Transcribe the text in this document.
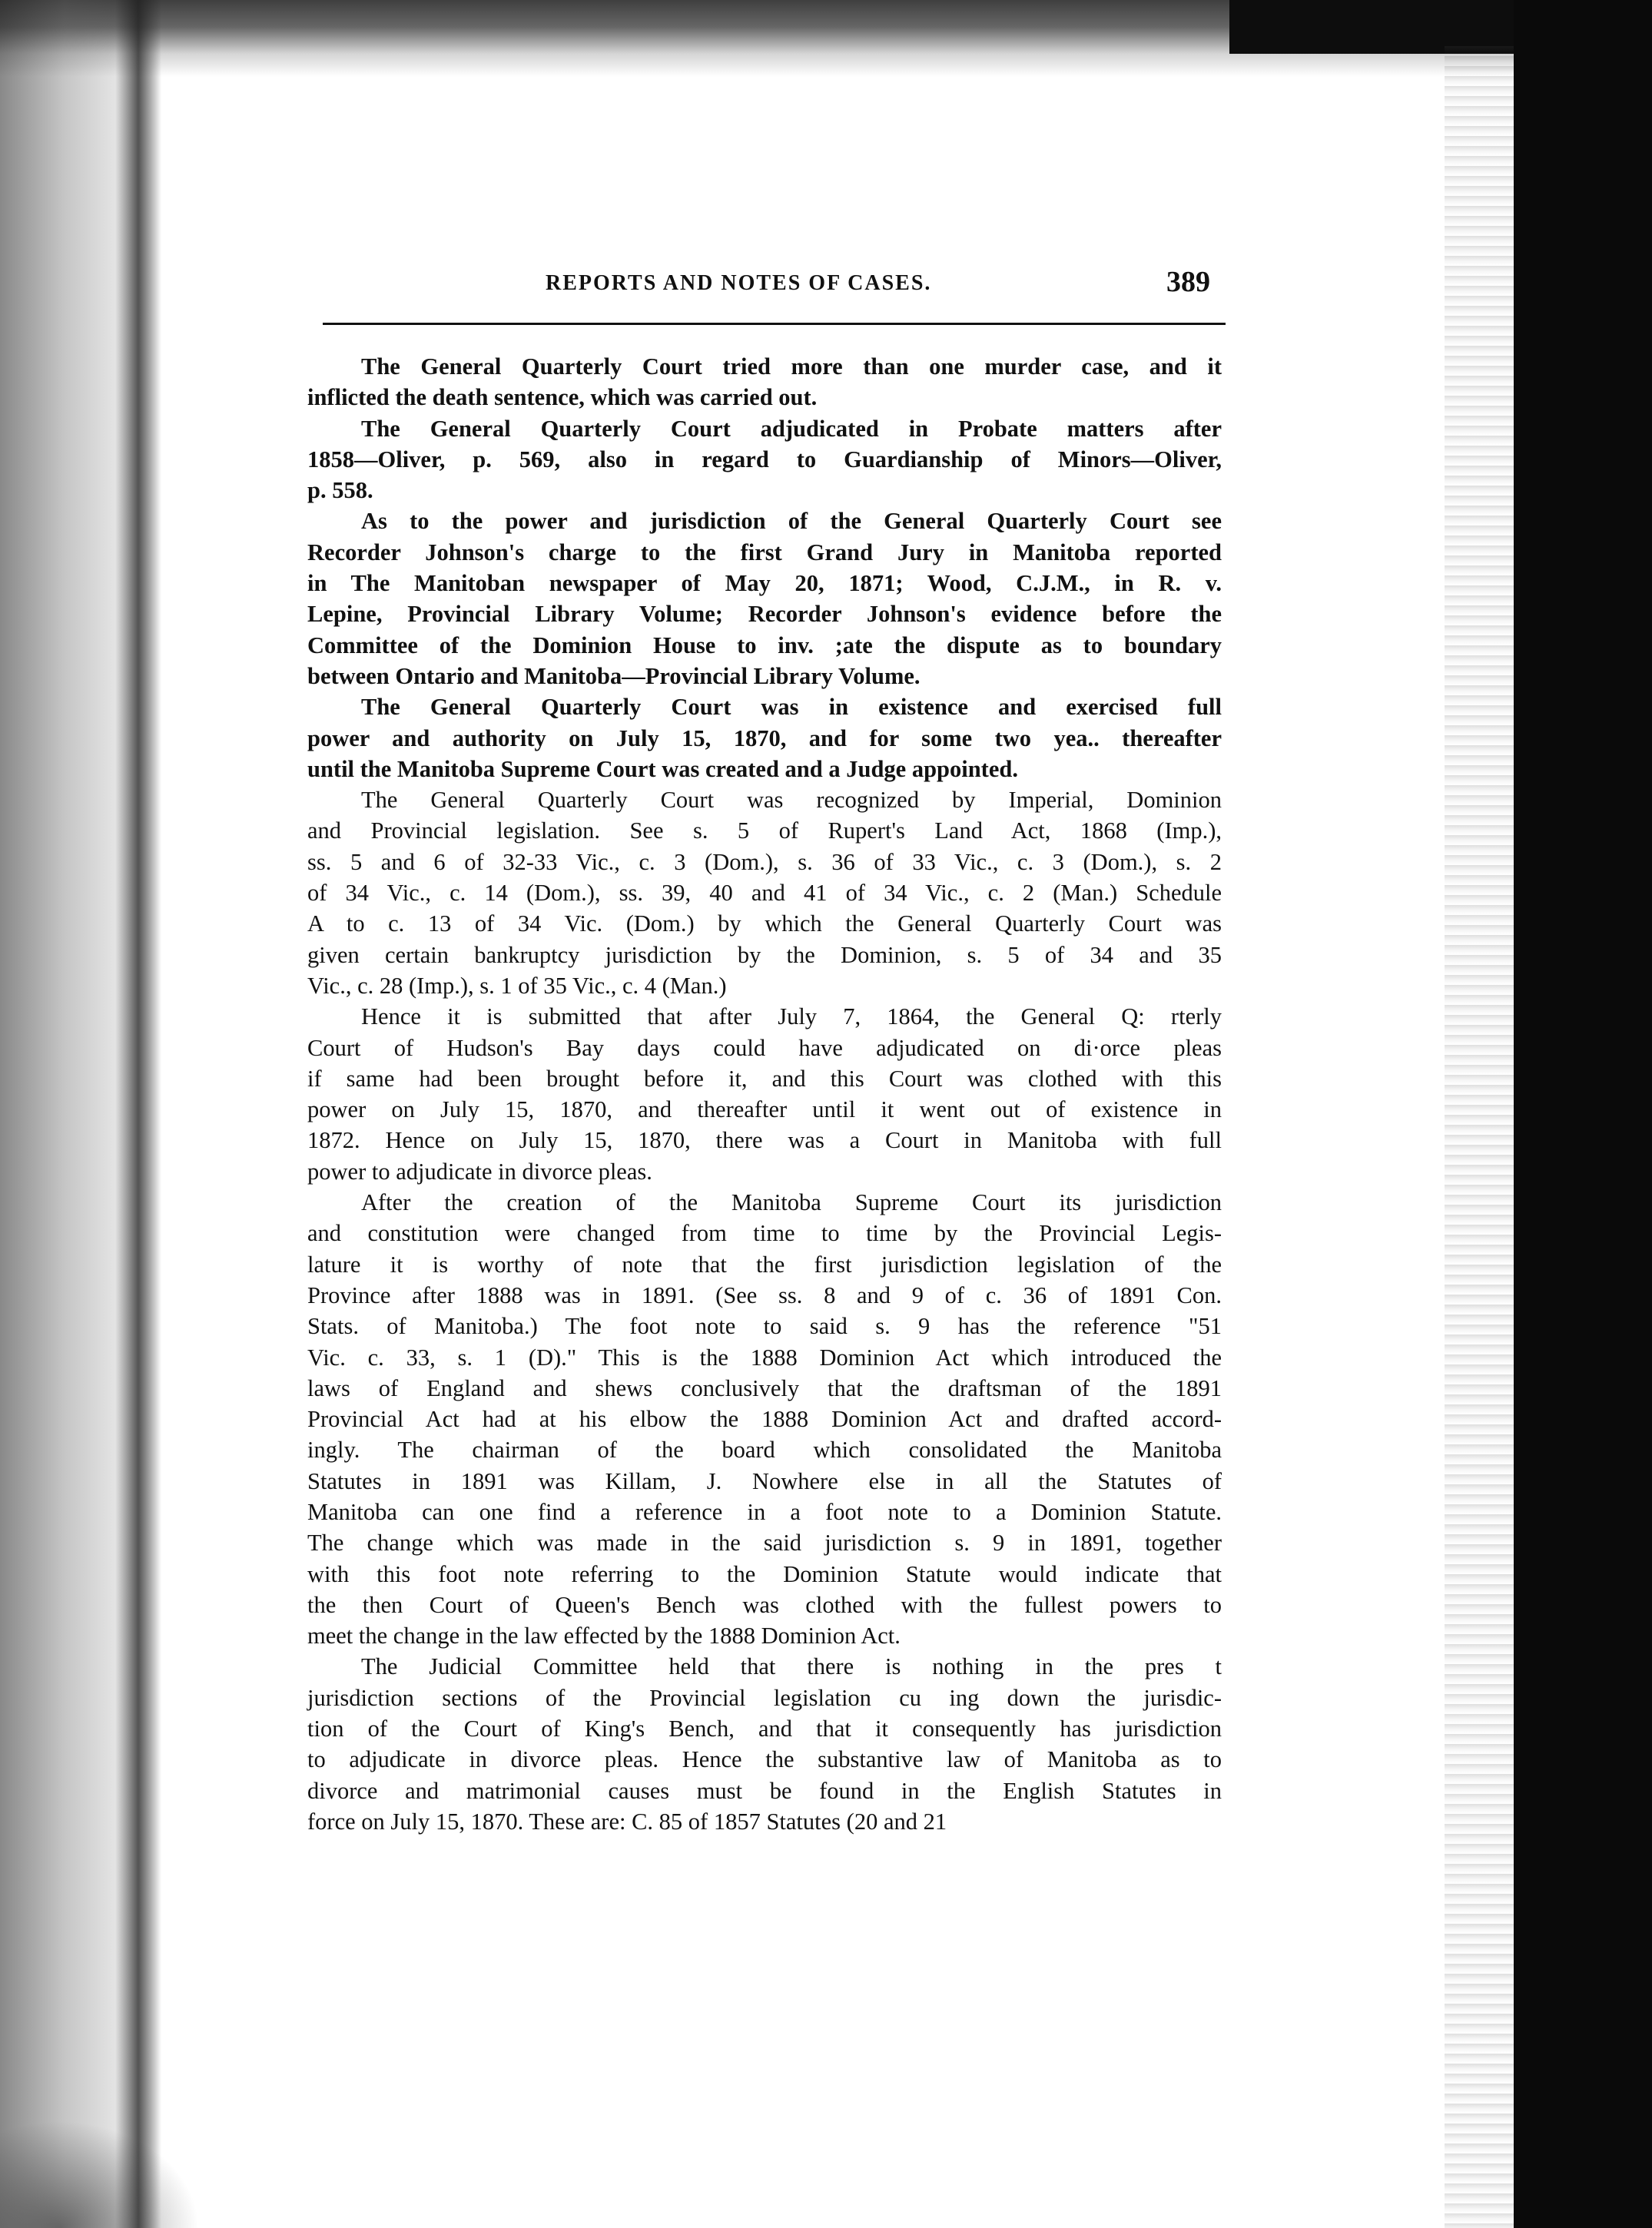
REPORTS AND NOTES OF CASES.	389
The General Quarterly Court tried more than one murder case, and it
inflicted the death sentence, which was carried out.
The General Quarterly Court adjudicated in Probate matters after
1858—Oliver, p. 569, also in regard to Guardianship of Minors—Oliver,
p. 558.
As to the power and jurisdiction of the General Quarterly Court see
Recorder Johnson's charge to the first Grand Jury in Manitoba reported
in The Manitoban newspaper of May 20, 1871; Wood, C.J.M., in R. v.
Lepine, Provincial Library Volume; Recorder Johnson's evidence before the
Committee of the Dominion House to inv. ;ate the dispute as to boundary
between Ontario and Manitoba—Provincial Library Volume.
The General Quarterly Court was in existence and exercised full
power and authority on July 15, 1870, and for some two yea.. thereafter
until the Manitoba Supreme Court was created and a Judge appointed.
The General Quarterly Court was recognized by Imperial, Dominion
and Provincial legislation. See s. 5 of Rupert's Land Act, 1868 (Imp.),
ss. 5 and 6 of 32-33 Vic., c. 3 (Dom.), s. 36 of 33 Vic., c. 3 (Dom.), s. 2
of 34 Vic., c. 14 (Dom.), ss. 39, 40 and 41 of 34 Vic., c. 2 (Man.) Schedule
A to c. 13 of 34 Vic. (Dom.) by which the General Quarterly Court was
given certain bankruptcy jurisdiction by the Dominion, s. 5 of 34 and 35
Vic., c. 28 (Imp.), s. 1 of 35 Vic., c. 4 (Man.)
Hence it is submitted that after July 7, 1864, the General Q: rterly
Court of Hudson's Bay days could have adjudicated on di·orce pleas
if same had been brought before it, and this Court was clothed with this
power on July 15, 1870, and thereafter until it went out of existence in
1872. Hence on July 15, 1870, there was a Court in Manitoba with full
power to adjudicate in divorce pleas.
After the creation of the Manitoba Supreme Court its jurisdiction
and constitution were changed from time to time by the Provincial Legis-
lature it is worthy of note that the first jurisdiction legislation of the
Province after 1888 was in 1891. (See ss. 8 and 9 of c. 36 of 1891 Con.
Stats. of Manitoba.) The foot note to said s. 9 has the reference "51
Vic. c. 33, s. 1 (D)." This is the 1888 Dominion Act which introduced the
laws of England and shews conclusively that the draftsman of the 1891
Provincial Act had at his elbow the 1888 Dominion Act and drafted accord-
ingly. The chairman of the board which consolidated the Manitoba
Statutes in 1891 was Killam, J. Nowhere else in all the Statutes of
Manitoba can one find a reference in a foot note to a Dominion Statute.
The change which was made in the said jurisdiction s. 9 in 1891, together
with this foot note referring to the Dominion Statute would indicate that
the then Court of Queen's Bench was clothed with the fullest powers to
meet the change in the law effected by the 1888 Dominion Act.
The Judicial Committee held that there is nothing in the pres t
jurisdiction sections of the Provincial legislation cu ing down the jurisdic-
tion of the Court of King's Bench, and that it consequently has jurisdiction
to adjudicate in divorce pleas. Hence the substantive law of Manitoba as to
divorce and matrimonial causes must be found in the English Statutes in
force on July 15, 1870. These are: C. 85 of 1857 Statutes (20 and 21
